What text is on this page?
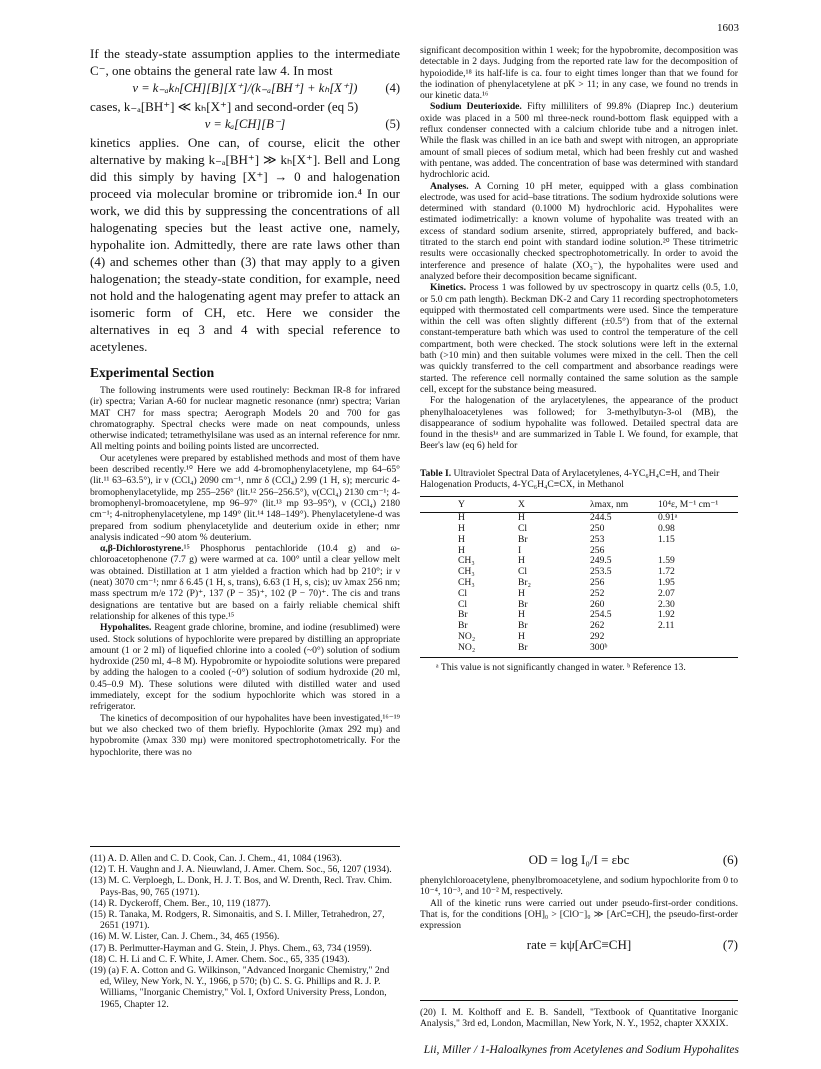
1603

If the steady-state assumption applies to the intermediate C⁻, one obtains the general rate law 4. In most

v = k₋ₐkₕ[CH][B][X⁺]/(k₋ₐ[BH⁺] + kₕ[X⁺]) (4)

cases, k₋ₐ[BH⁺] ≪ kₕ[X⁺] and second-order (eq 5)

v = kₐ[CH][B⁻]	(5)

kinetics applies. One can, of course, elicit the other alternative by making k₋ₐ[BH⁺] ≫ kₕ[X⁺]. Bell and Long did this simply by having [X⁺] → 0 and halogenation proceed via molecular bromine or tribromide ion.⁴ In our work, we did this by suppressing the concentrations of all halogenating species but the least active one, namely, hypohalite ion. Admittedly, there are rate laws other than (4) and schemes other than (3) that may apply to a given halogenation; the steady-state condition, for example, need not hold and the halogenating agent may prefer to attack an isomeric form of CH, etc. Here we consider the alternatives in eq 3 and 4 with special reference to acetylenes.

Experimental Section

The following instruments were used routinely: Beckman IR-8 for infrared (ir) spectra; Varian A-60 for nuclear magnetic resonance (nmr) spectra; Varian MAT CH7 for mass spectra; Aerograph Models 20 and 700 for gas chromatography. Spectral checks were made on neat compounds, unless otherwise indicated; tetramethylsilane was used as an internal reference for nmr. All melting points and boiling points listed are uncorrected.

Our acetylenes were prepared by established methods and most of them have been described recently.¹⁰ Here we add 4-bromophenylacetylene, mp 64–65° (lit.¹¹ 63–63.5°), ir ν (CCl₄) 2090 cm⁻¹, nmr δ (CCl₄) 2.99 (1 H, s); mercuric 4-bromophenylacetylide, mp 255–256° (lit.¹² 256–256.5°), ν(CCl₄) 2130 cm⁻¹; 4-bromophenyl-bromoacetylene, mp 96–97° (lit.¹³ mp 93–95°), ν (CCl₄) 2180 cm⁻¹; 4-nitrophenylacetylene, mp 149° (lit.¹⁴ 148–149°). Phenylacetylene-d was prepared from sodium phenylacetylide and deuterium oxide in ether; nmr analysis indicated ~90 atom % deuterium.

α,β-Dichlorostyrene.¹⁵ Phosphorus pentachloride (10.4 g) and ω-chloroacetophenone (7.7 g) were warmed at ca. 100° until a clear yellow melt was obtained. Distillation at 1 atm yielded a fraction which had bp 210°; ir ν (neat) 3070 cm⁻¹; nmr δ 6.45 (1 H, s, trans), 6.63 (1 H, s, cis); uv λmax 256 nm; mass spectrum m/e 172 (P)⁺, 137 (P − 35)⁺, 102 (P − 70)⁺. The cis and trans designations are tentative but are based on a fairly reliable chemical shift relationship for alkenes of this type.¹⁵

Hypohalites. Reagent grade chlorine, bromine, and iodine (resublimed) were used. Stock solutions of hypochlorite were prepared by distilling an appropriate amount (1 or 2 ml) of liquefied chlorine into a cooled (~0°) solution of sodium hydroxide (250 ml, 4–8 M). Hypobromite or hypoiodite solutions were prepared by adding the halogen to a cooled (~0°) solution of sodium hydroxide (20 ml, 0.45–0.9 M). These solutions were diluted with distilled water and used immediately, except for the sodium hypochlorite which was stored in a refrigerator.

The kinetics of decomposition of our hypohalites have been investigated,¹⁶⁻¹⁹ but we also checked two of them briefly. Hypochlorite (λmax 292 mμ) and hypobromite (λmax 330 mμ) were monitored spectrophotometrically. For the hypochlorite, there was no

significant decomposition within 1 week; for the hypobromite, decomposition was detectable in 2 days. Judging from the reported rate law for the decomposition of hypoiodide,¹⁸ its half-life is ca. four to eight times longer than that we found for the iodination of phenylacetylene at pK > 11; in any case, we found no trends in our kinetic data.¹⁶

Sodium Deuterioxide. Fifty milliliters of 99.8% (Diaprep Inc.) deuterium oxide was placed in a 500 ml three-neck round-bottom flask equipped with a reflux condenser connected with a calcium chloride tube and a nitrogen inlet. While the flask was chilled in an ice bath and swept with nitrogen, an appropriate amount of small pieces of sodium metal, which had been freshly cut and washed with pentane, was added. The concentration of base was determined with standard hydrochloric acid.

Analyses. A Corning 10 pH meter, equipped with a glass combination electrode, was used for acid–base titrations. The sodium hydroxide solutions were determined with standard (0.1000 M) hydrochloric acid. Hypohalites were estimated iodimetrically: a known volume of hypohalite was treated with an excess of standard sodium arsenite, stirred, appropriately buffered, and back-titrated to the starch end point with standard iodine solution.²⁰ These titrimetric results were occasionally checked spectrophotometrically. In order to avoid the interference and presence of halate (XO₃⁻), the hypohalites were used and analyzed before their decomposition became significant.

Kinetics. Process 1 was followed by uv spectroscopy in quartz cells (0.5, 1.0, or 5.0 cm path length). Beckman DK-2 and Cary 11 recording spectrophotometers equipped with thermostated cell compartments were used. Since the temperature within the cell was often slightly different (±0.5°) from that of the external constant-temperature bath which was used to control the temperature of the cell compartment, both were checked. The stock solutions were left in the external bath (>10 min) and then suitable volumes were mixed in the cell. Then the cell was quickly transferred to the cell compartment and absorbance readings were started. The reference cell normally contained the same solution as the sample cell, except for the substance being measured.

For the halogenation of the arylacetylenes, the appearance of the product phenylhaloacetylenes was followed; for 3-methylbutyn-3-ol (MB), the disappearance of sodium hypohalite was followed. Detailed spectral data are found in the thesis¹ᵃ and are summarized in Table I. We found, for example, that Beer's law (eq 6) held for

Table I. Ultraviolet Spectral Data of Arylacetylenes, 4-YC₆H₄C≡H, and Their Halogenation Products, 4-YC₆H₄C≡CX, in Methanol
Y	X	λmax, nm	10⁴ε, M⁻¹ cm⁻¹
H	H	244.5	0.91ᵃ
H	Cl	250	0.98
H	Br	253	1.15
H	I	256	
CH₃	H	249.5	1.59
CH₃	Cl	253.5	1.72
CH₃	Br₂	256	1.95
Cl	H	252	2.07
Cl	Br	260	2.30
Br	H	254.5	1.92
Br	Br	262	2.11
NO₂	H	292	
NO₂	Br	300ᵇ	
ᵃ This value is not significantly changed in water. ᵇ Reference 13.
OD = log I₀/I = εbc	(6)

phenylchloroacetylene, phenylbromoacetylene, and sodium hypochlorite from 0 to 10⁻⁴, 10⁻³, and 10⁻² M, respectively.

All of the kinetic runs were carried out under pseudo-first-order conditions. That is, for the conditions [OH]₀ > [ClO⁻]₀ ≫ [ArC≡CH], the pseudo-first-order expression

rate = kψ[ArC≡CH]	(7)

(20) I. M. Kolthoff and E. B. Sandell, "Textbook of Quantitative Inorganic Analysis," 3rd ed, London, Macmillan, New York, N. Y., 1952, chapter XXXIX.

(11) A. D. Allen and C. D. Cook, Can. J. Chem., 41, 1084 (1963).

(12) T. H. Vaughn and J. A. Nieuwland, J. Amer. Chem. Soc., 56, 1207 (1934).

(13) M. C. Verploegh, L. Donk, H. J. T. Bos, and W. Drenth, Recl. Trav. Chim. Pays-Bas, 90, 765 (1971).

(14) R. Dyckeroff, Chem. Ber., 10, 119 (1877).

(15) R. Tanaka, M. Rodgers, R. Simonaitis, and S. I. Miller, Tetrahedron, 27, 2651 (1971).

(16) M. W. Lister, Can. J. Chem., 34, 465 (1956).

(17) B. Perlmutter-Hayman and G. Stein, J. Phys. Chem., 63, 734 (1959).

(18) C. H. Li and C. F. White, J. Amer. Chem. Soc., 65, 335 (1943).

(19) (a) F. A. Cotton and G. Wilkinson, "Advanced Inorganic Chemistry," 2nd ed, Wiley, New York, N. Y., 1966, p 570; (b) C. S. G. Phillips and R. J. P. Williams, "Inorganic Chemistry," Vol. I, Oxford University Press, London, 1965, Chapter 12.

Lii, Miller / 1-Haloalkynes from Acetylenes and Sodium Hypohalites
